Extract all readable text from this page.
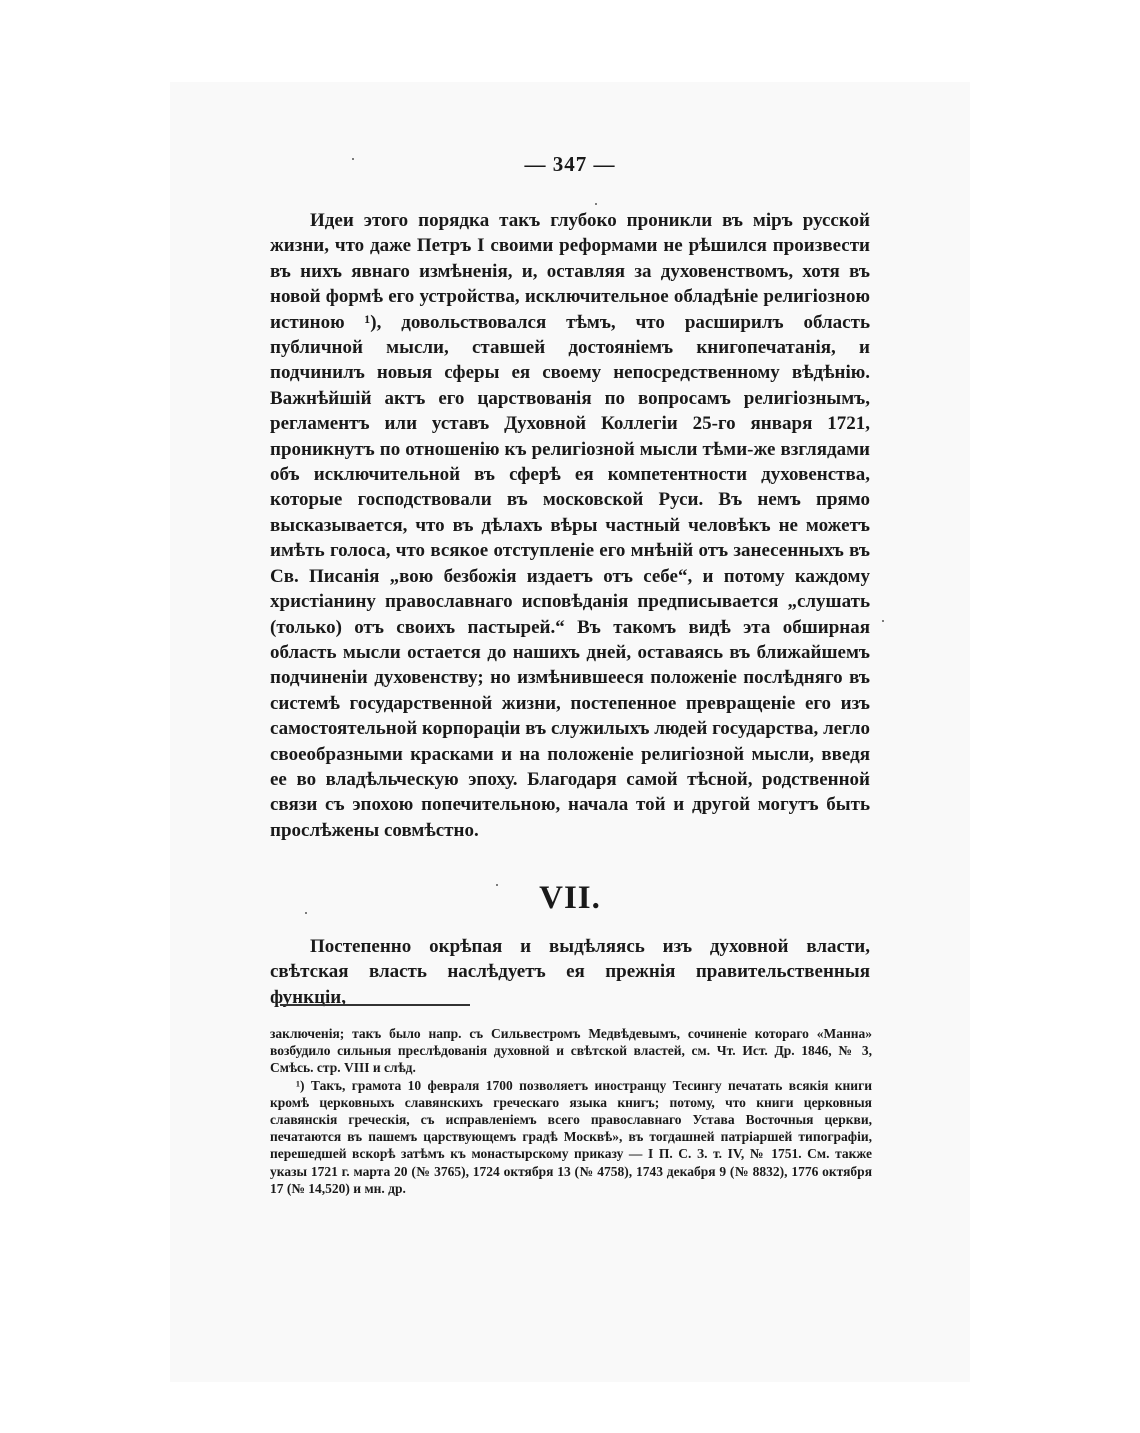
— 347 —

Идеи этого порядка такъ глубоко проникли въ міръ русской жизни, что даже Петръ I своими реформами не рѣшился произвести въ нихъ явнаго измѣненія, и, оставляя за духовенствомъ, хотя въ новой формѣ его устройства, исключительное обладѣніе религіозною истиною ¹), довольствовался тѣмъ, что расширилъ область публичной мысли, ставшей достояніемъ книгопечатанія, и подчинилъ новыя сферы ея своему непосредственному вѣдѣнію. Важнѣйшій актъ его царствованія по вопросамъ религіознымъ, регламентъ или уставъ Духовной Коллегіи 25-го января 1721, проникнутъ по отношенію къ религіозной мысли тѣми-же взглядами объ исключительной въ сферѣ ея компетентности духовенства, которые господствовали въ московской Руси. Въ немъ прямо высказывается, что въ дѣлахъ вѣры частный человѣкъ не можетъ имѣть голоса, что всякое отступленіе его мнѣній отъ занесенныхъ въ Св. Писанія „вою безбожія издаетъ отъ себе“, и потому каждому христіанину православнаго исповѣданія предписывается „слушать (только) отъ своихъ пастырей.“ Въ такомъ видѣ эта обширная область мысли остается до нашихъ дней, оставаясь въ ближайшемъ подчиненіи духовенству; но измѣнившееся положеніе послѣдняго въ системѣ государственной жизни, постепенное превращеніе его изъ самостоятельной корпораціи въ служилыхъ людей государства, легло своеобразными красками и на положеніе религіозной мысли, введя ее во владѣльческую эпоху. Благодаря самой тѣсной, родственной связи съ эпохою попечительною, начала той и другой могутъ быть прослѣжены совмѣстно.

VII.

Постепенно окрѣпая и выдѣляясь изъ духовной власти, свѣтская власть наслѣдуетъ ея прежнія правительственныя функціи,

заключенія; такъ было напр. съ Сильвестромъ Медвѣдевымъ, сочиненіе котораго «Манна» возбудило сильныя преслѣдованія духовной и свѣтской властей, см. Чт. Ист. Др. 1846, № 3, Смѣсь. стр. VIII и слѣд.

¹) Такъ, грамота 10 февраля 1700 позволяетъ иностранцу Тесингу печатать всякія книги кромѣ церковныхъ славянскихъ греческаго языка книгъ; потому, что книги церковныя славянскія греческія, съ исправленіемъ всего православнаго Устава Восточныя церкви, печатаются въ пашемъ царствующемъ градѣ Москвѣ», въ тогдашней патріаршей типографіи, перешедшей вскорѣ затѣмъ къ монастырскому приказу — I П. С. З. т. IV, № 1751. См. также указы 1721 г. марта 20 (№ 3765), 1724 октября 13 (№ 4758), 1743 декабря 9 (№ 8832), 1776 октября 17 (№ 14,520) и мн. др.
